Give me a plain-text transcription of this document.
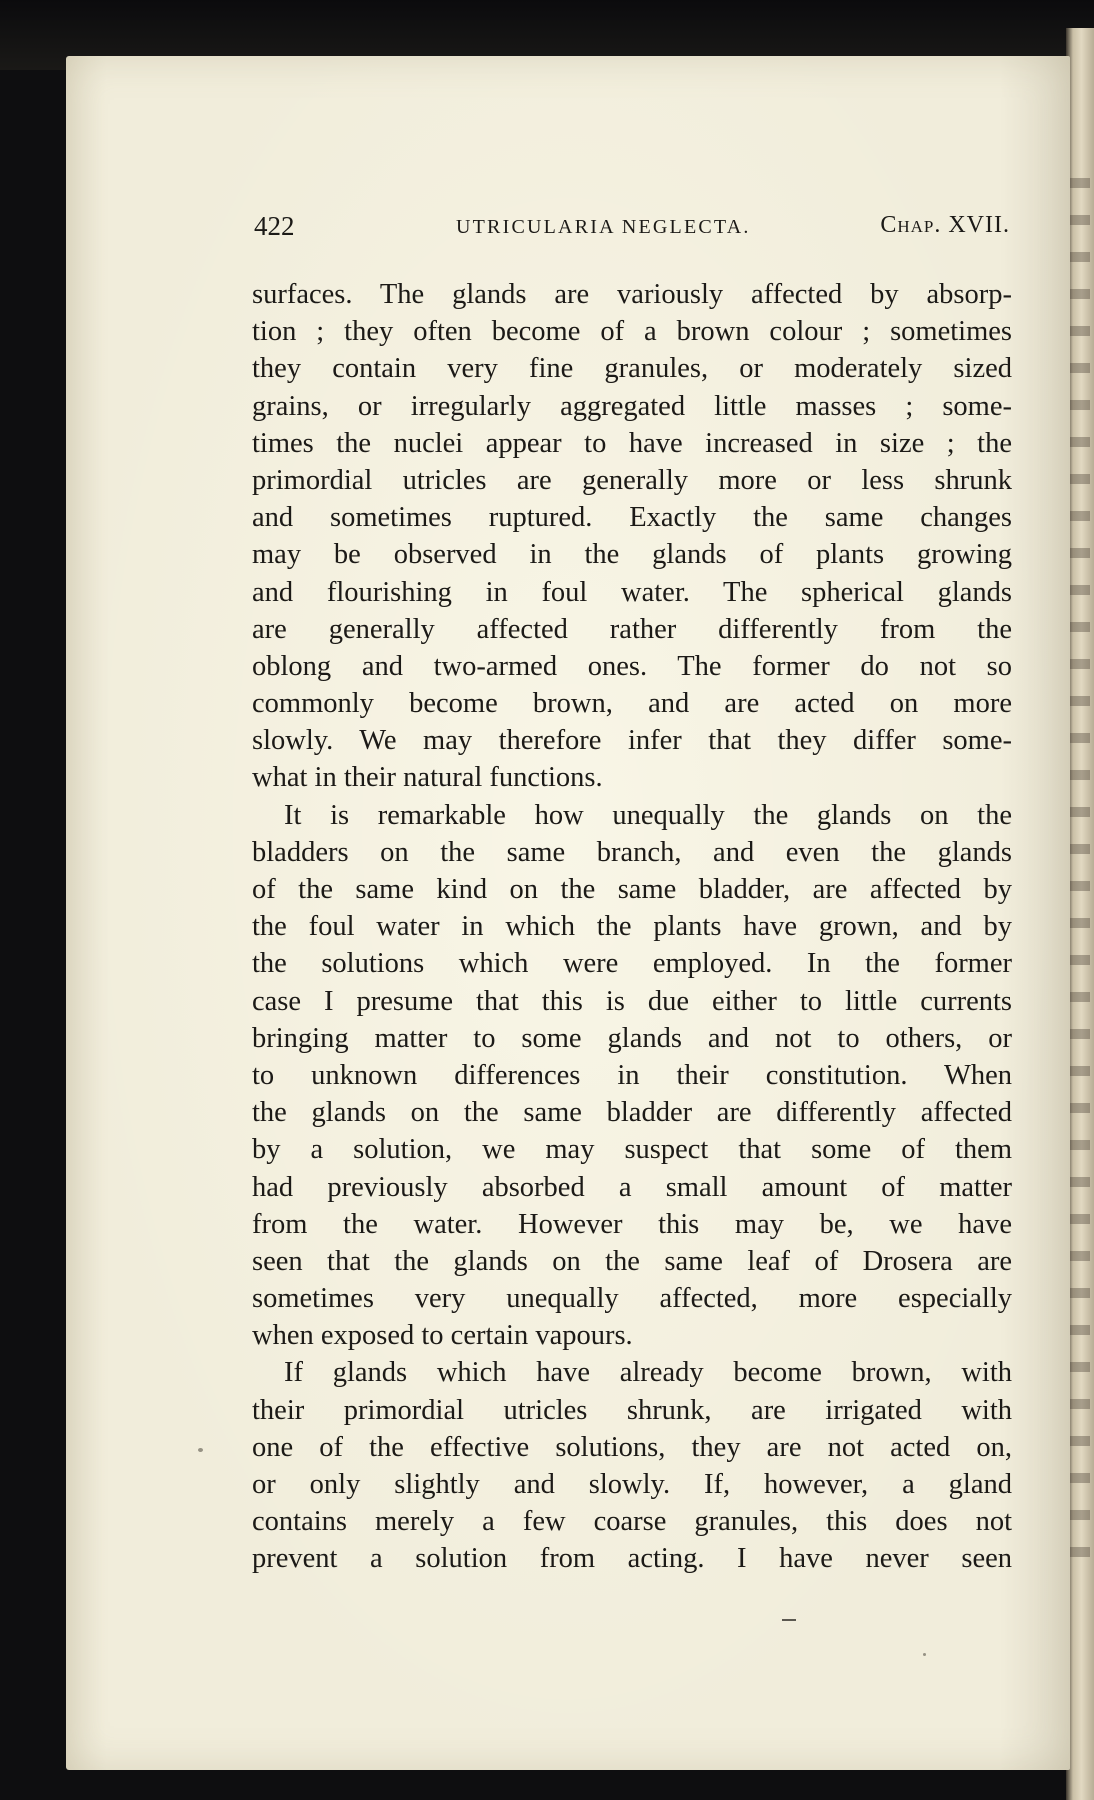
422	UTRICULARIA NEGLECTA.	Chap. XVII.
surfaces. The glands are variously affected by absorp-
tion ; they often become of a brown colour ; sometimes
they contain very fine granules, or moderately sized
grains, or irregularly aggregated little masses ; some-
times the nuclei appear to have increased in size ; the
primordial utricles are generally more or less shrunk
and sometimes ruptured. Exactly the same changes
may be observed in the glands of plants growing
and flourishing in foul water. The spherical glands
are generally affected rather differently from the
oblong and two-armed ones. The former do not so
commonly become brown, and are acted on more
slowly. We may therefore infer that they differ some-
what in their natural functions.
It is remarkable how unequally the glands on the
bladders on the same branch, and even the glands
of the same kind on the same bladder, are affected by
the foul water in which the plants have grown, and by
the solutions which were employed. In the former
case I presume that this is due either to little currents
bringing matter to some glands and not to others, or
to unknown differences in their constitution. When
the glands on the same bladder are differently affected
by a solution, we may suspect that some of them
had previously absorbed a small amount of matter
from the water. However this may be, we have
seen that the glands on the same leaf of Drosera are
sometimes very unequally affected, more especially
when exposed to certain vapours.
If glands which have already become brown, with
their primordial utricles shrunk, are irrigated with
one of the effective solutions, they are not acted on,
or only slightly and slowly. If, however, a gland
contains merely a few coarse granules, this does not
prevent a solution from acting. I have never seen
